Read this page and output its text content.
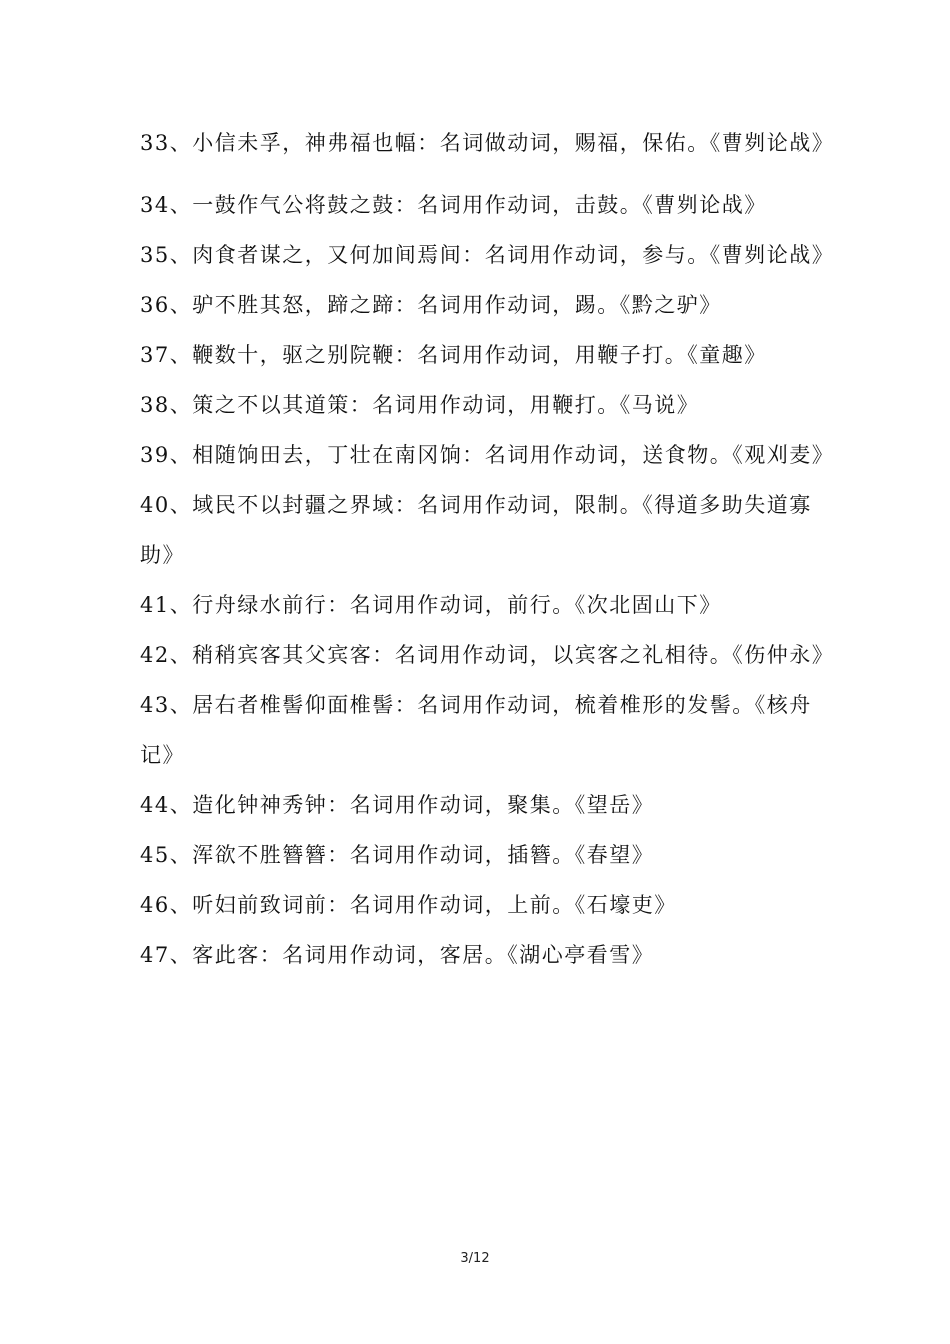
33、小信未孚，神弗福也幅：名词做动词，赐福，保佑。《曹刿论战》
34、一鼓作气公将鼓之鼓：名词用作动词，击鼓。《曹刿论战》
35、肉食者谋之，又何加间焉间：名词用作动词，参与。《曹刿论战》
36、驴不胜其怒，蹄之蹄：名词用作动词，踢。《黔之驴》
37、鞭数十，驱之别院鞭：名词用作动词，用鞭子打。《童趣》
38、策之不以其道策：名词用作动词，用鞭打。《马说》
39、相随饷田去，丁壮在南冈饷：名词用作动词，送食物。《观刈麦》
40、域民不以封疆之界域：名词用作动词，限制。《得道多助失道寡助》
41、行舟绿水前行：名词用作动词，前行。《次北固山下》
42、稍稍宾客其父宾客：名词用作动词，以宾客之礼相待。《伤仲永》
43、居右者椎髻仰面椎髻：名词用作动词，梳着椎形的发髻。《核舟记》
44、造化钟神秀钟：名词用作动词，聚集。《望岳》
45、浑欲不胜簪簪：名词用作动词，插簪。《春望》
46、听妇前致词前：名词用作动词，上前。《石壕吏》
47、客此客：名词用作动词，客居。《湖心亭看雪》
3/12
